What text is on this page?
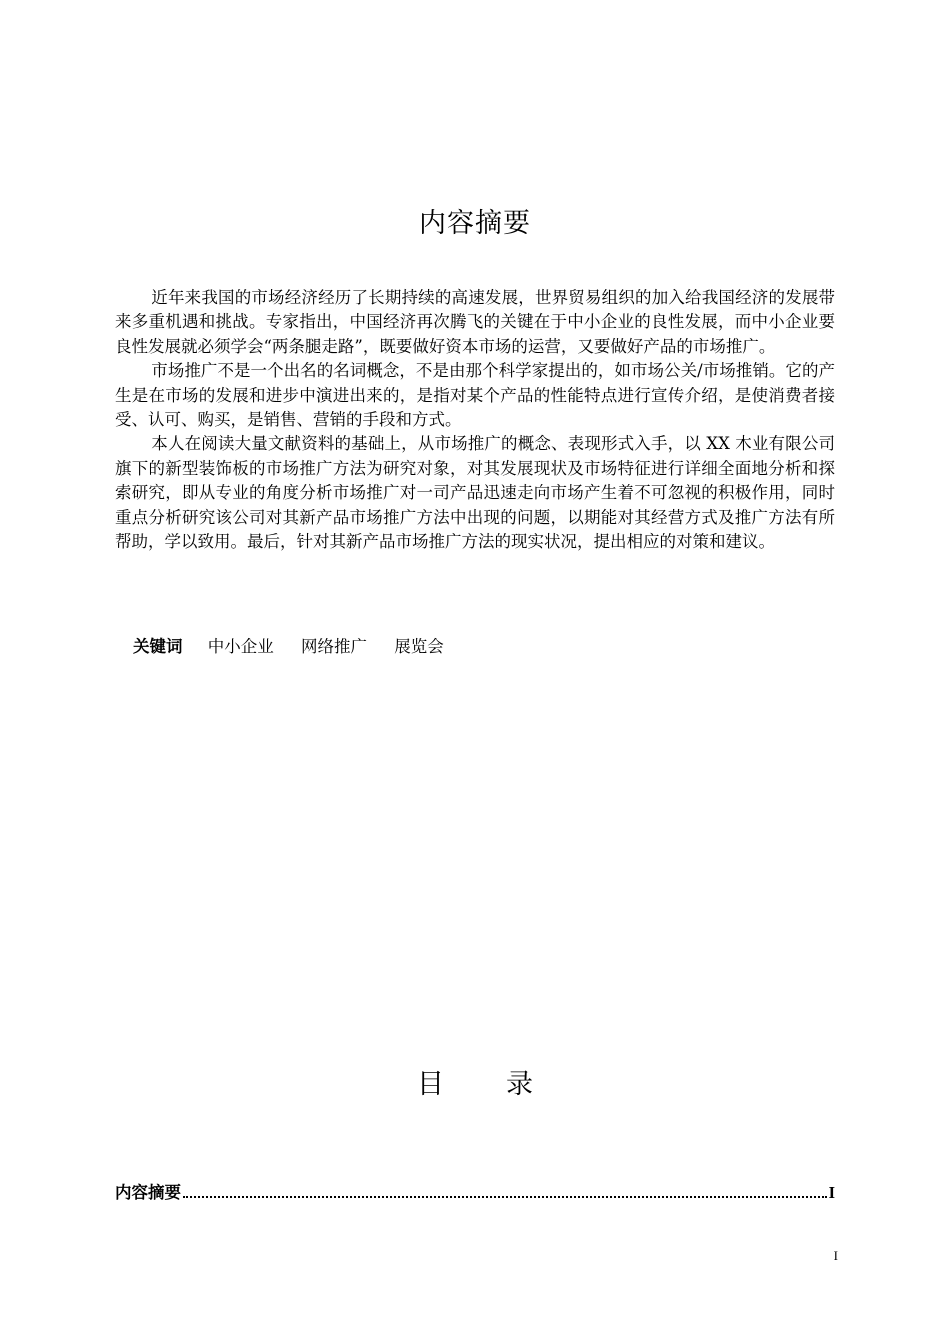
内容摘要

近年来我国的市场经济经历了长期持续的高速发展，世界贸易组织的加入给我国经济的发展带来多重机遇和挑战。专家指出，中国经济再次腾飞的关键在于中小企业的良性发展，而中小企业要良性发展就必须学会“两条腿走路”，既要做好资本市场的运营，又要做好产品的市场推广。

市场推广不是一个出名的名词概念，不是由那个科学家提出的，如市场公关/市场推销。它的产生是在市场的发展和进步中演进出来的，是指对某个产品的性能特点进行宣传介绍，是使消费者接受、认可、购买，是销售、营销的手段和方式。

本人在阅读大量文献资料的基础上，从市场推广的概念、表现形式入手，以 XX 木业有限公司旗下的新型装饰板的市场推广方法为研究对象，对其发展现状及市场特征进行详细全面地分析和探索研究，即从专业的角度分析市场推广对一司产品迅速走向市场产生着不可忽视的积极作用，同时重点分析研究该公司对其新产品市场推广方法中出现的问题，以期能对其经营方式及推广方法有所帮助，学以致用。最后，针对其新产品市场推广方法的现实状况，提出相应的对策和建议。

关键词 中小企业 网络推广 展览会
目 录
内容摘要	I
I
